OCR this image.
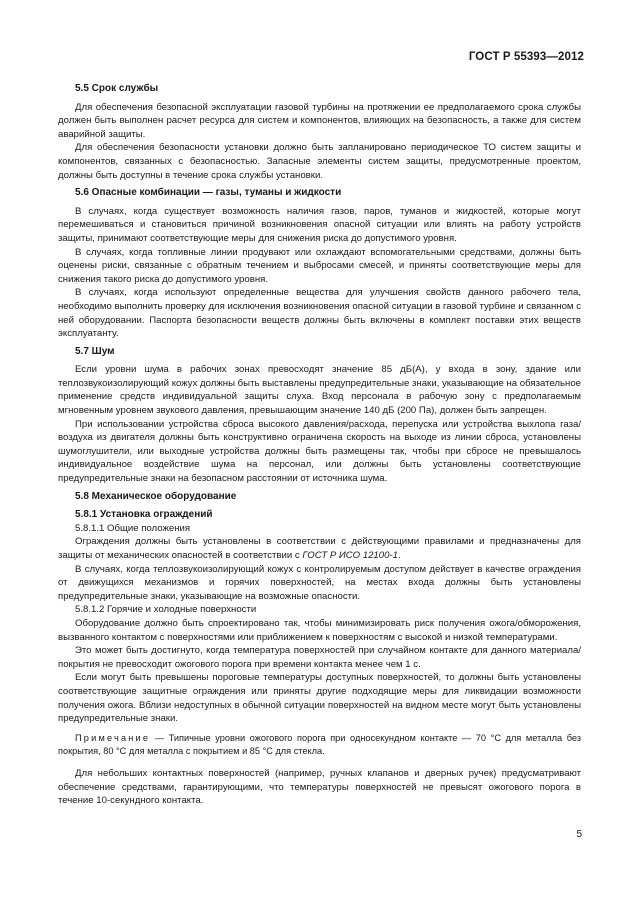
ГОСТ Р 55393—2012
5.5 Срок службы

Для обеспечения безопасной эксплуатации газовой турбины на протяжении ее предполагаемого срока службы должен быть выполнен расчет ресурса для систем и компонентов, влияющих на безопасность, а также для систем аварийной защиты.

Для обеспечения безопасности установки должно быть запланировано периодическое ТО систем защиты и компонентов, связанных с безопасностью. Запасные элементы систем защиты, предусмотренные проектом, должны быть доступны в течение срока службы установки.

5.6 Опасные комбинации — газы, туманы и жидкости

В случаях, когда существует возможность наличия газов, паров, туманов и жидкостей, которые могут перемешиваться и становиться причиной возникновения опасной ситуации или влиять на работу устройств защиты, принимают соответствующие меры для снижения риска до допустимого уровня.

В случаях, когда топливные линии продувают или охлаждают вспомогательными средствами, должны быть оценены риски, связанные с обратным течением и выбросами смесей, и приняты соответствующие меры для снижения такого риска до допустимого уровня.

В случаях, когда используют определенные вещества для улучшения свойств данного рабочего тела, необходимо выполнить проверку для исключения возникновения опасной ситуации в газовой турбине и связанном с ней оборудовании. Паспорта безопасности веществ должны быть включены в комплект поставки этих веществ эксплуатанту.

5.7 Шум

Если уровни шума в рабочих зонах превосходят значение 85 дБ(А), у входа в зону, здание или теплозвукоизолирующий кожух должны быть выставлены предупредительные знаки, указывающие на обязательное применение средств индивидуальной защиты слуха. Вход персонала в рабочую зону с предполагаемым мгновенным уровнем звукового давления, превышающим значение 140 дБ (200 Па), должен быть запрещен.

При использовании устройства сброса высокого давления/расхода, перепуска или устройства выхлопа газа/воздуха из двигателя должны быть конструктивно ограничена скорость на выходе из линии сброса, установлены шумоглушители, или выходные устройства должны быть размещены так, чтобы при сбросе не превышалось индивидуальное воздействие шума на персонал, или должны быть установлены соответствующие предупредительные знаки на безопасном расстоянии от источника шума.

5.8 Механическое оборудование
5.8.1 Установка ограждений
5.8.1.1 Общие положения

Ограждения должны быть установлены в соответствии с действующими правилами и предназначены для защиты от механических опасностей в соответствии с ГОСТ Р ИСО 12100-1.

В случаях, когда теплозвукоизолирующий кожух с контролируемым доступом действует в качестве ограждения от движущихся механизмов и горячих поверхностей, на местах входа должны быть установлены предупредительные знаки, указывающие на возможные опасности.

5.8.1.2 Горячие и холодные поверхности

Оборудование должно быть спроектировано так, чтобы минимизировать риск получения ожога/обморожения, вызванного контактом с поверхностями или приближением к поверхностям с высокой и низкой температурами.

Это может быть достигнуто, когда температура поверхностей при случайном контакте для данного материала/покрытия не превосходит ожогового порога при времени контакта менее чем 1 с.

Если могут быть превышены пороговые температуры доступных поверхностей, то должны быть установлены соответствующие защитные ограждения или приняты другие подходящие меры для ликвидации возможности получения ожога. Вблизи недоступных в обычной ситуации поверхностей на видном месте могут быть установлены предупредительные знаки.

Примечание — Типичные уровни ожогового порога при односекундном контакте — 70 °С для металла без покрытия, 80 °С для металла с покрытием и 85 °С для стекла.

Для небольших контактных поверхностей (например, ручных клапанов и дверных ручек) предусматривают обеспечение средствами, гарантирующими, что температуры поверхностей не превысят ожогового порога в течение 10-секундного контакта.

5
